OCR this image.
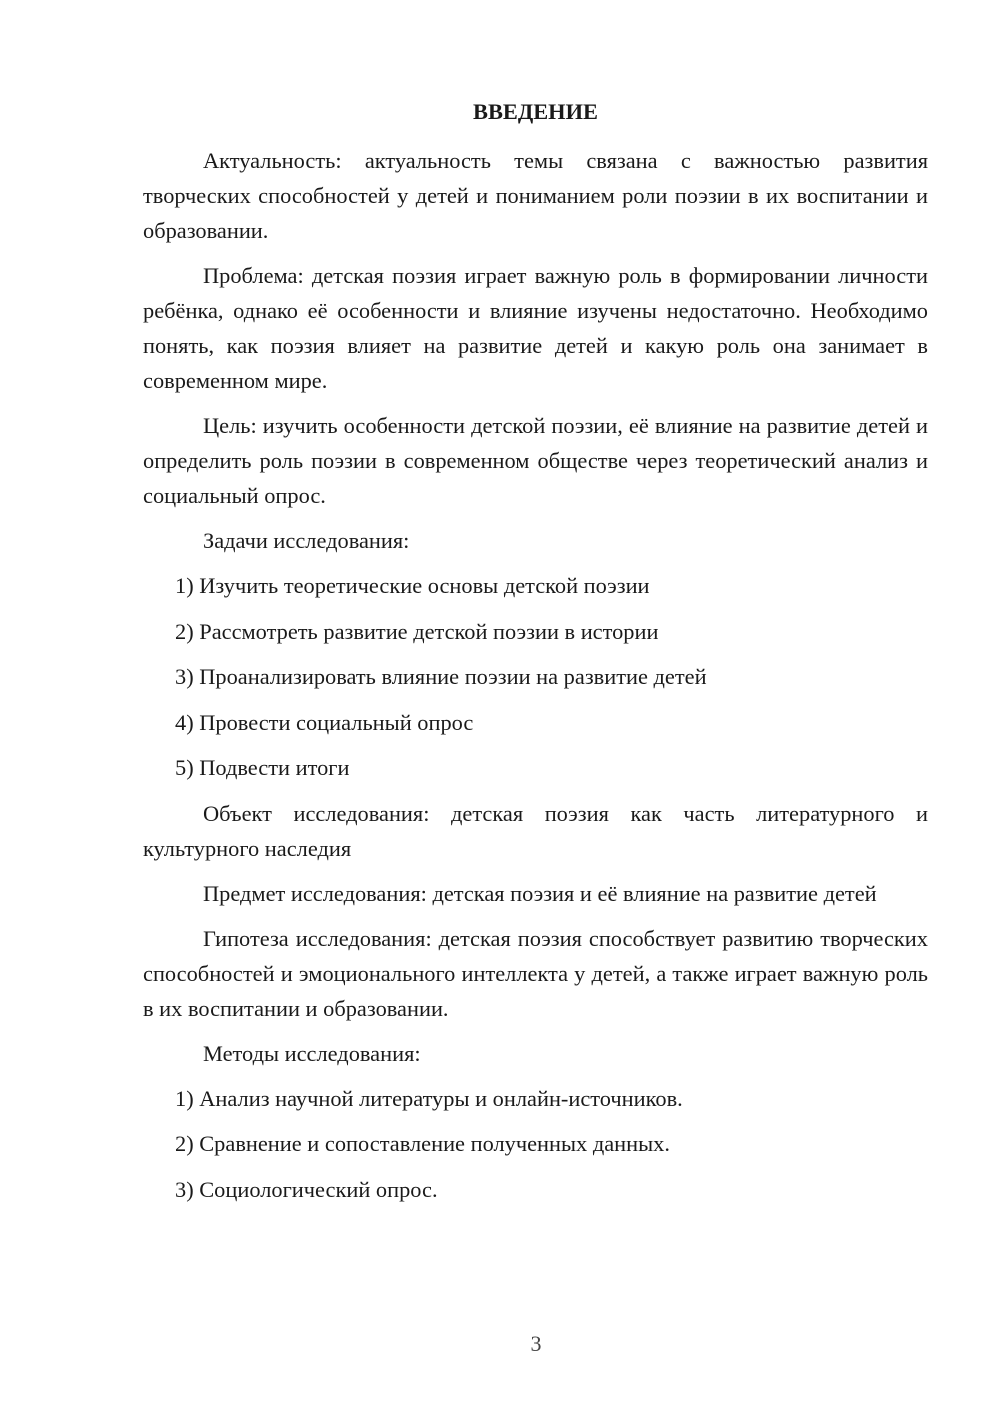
ВВЕДЕНИЕ

Актуальность: актуальность темы связана с важностью развития творческих способностей у детей и пониманием роли поэзии в их воспитании и образовании.

Проблема: детская поэзия играет важную роль в формировании личности ребёнка, однако её особенности и влияние изучены недостаточно. Необходимо понять, как поэзия влияет на развитие детей и какую роль она занимает в современном мире.

Цель: изучить особенности детской поэзии, её влияние на развитие детей и определить роль поэзии в современном обществе через теоретический анализ и социальный опрос.

Задачи исследования:

1) Изучить теоретические основы детской поэзии
2) Рассмотреть развитие детской поэзии в истории
3) Проанализировать влияние поэзии на развитие детей
4) Провести социальный опрос
5) Подвести итоги

Объект исследования: детская поэзия как часть литературного и культурного наследия

Предмет исследования: детская поэзия и её влияние на развитие детей

Гипотеза исследования: детская поэзия способствует развитию творческих способностей и эмоционального интеллекта у детей, а также играет важную роль в их воспитании и образовании.

Методы исследования:

1) Анализ научной литературы и онлайн-источников.
2) Сравнение и сопоставление полученных данных.
3) Социологический опрос.
3
